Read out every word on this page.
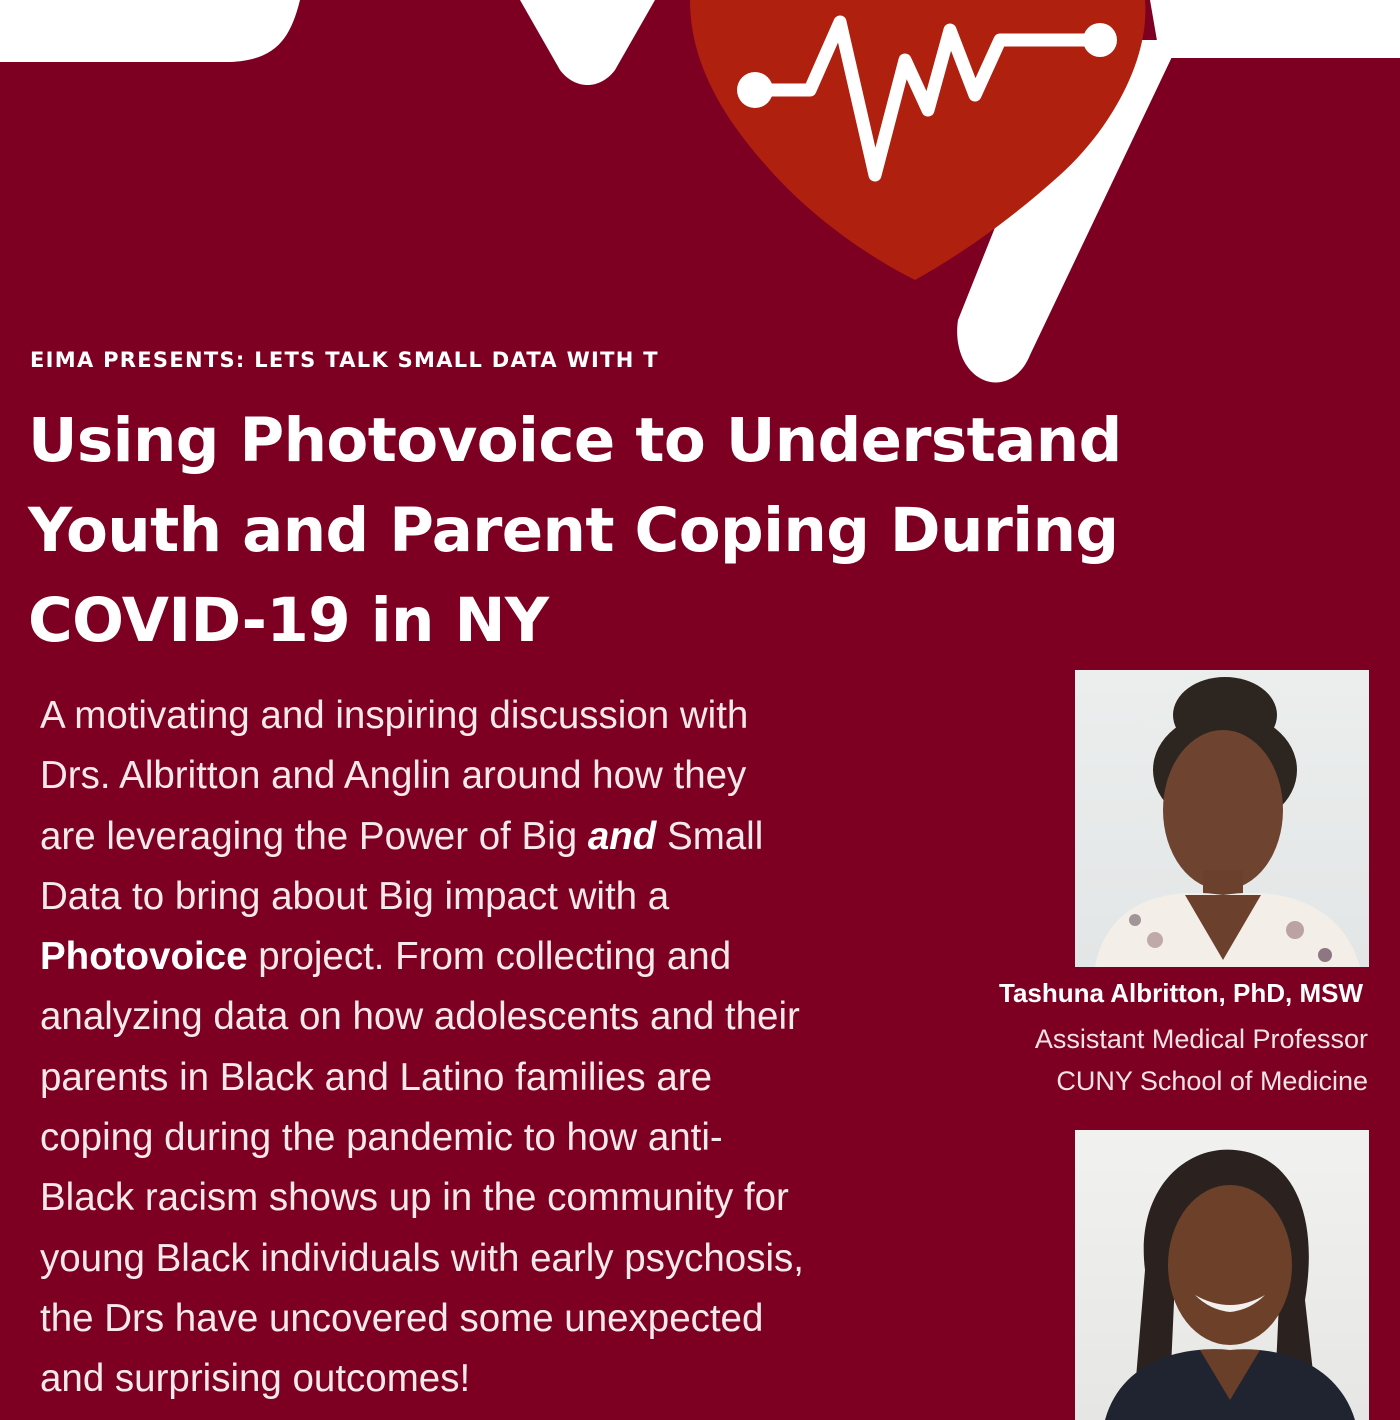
EIMA PRESENTS: LETS TALK SMALL DATA WITH T
Using Photovoice to Understand
Youth and Parent Coping During
COVID-19 in NY
A motivating and inspiring discussion with
Drs. Albritton and Anglin around how they
are leveraging the Power of Big and Small
Data to bring about Big impact with a
Photovoice project. From collecting and
analyzing data on how adolescents and their
parents in Black and Latino families are
coping during the pandemic to how anti-
Black racism shows up in the community for
young Black individuals with early psychosis,
the Drs have uncovered some unexpected
and surprising outcomes!
Tashuna Albritton, PhD, MSW
Assistant Medical Professor
CUNY School of Medicine
